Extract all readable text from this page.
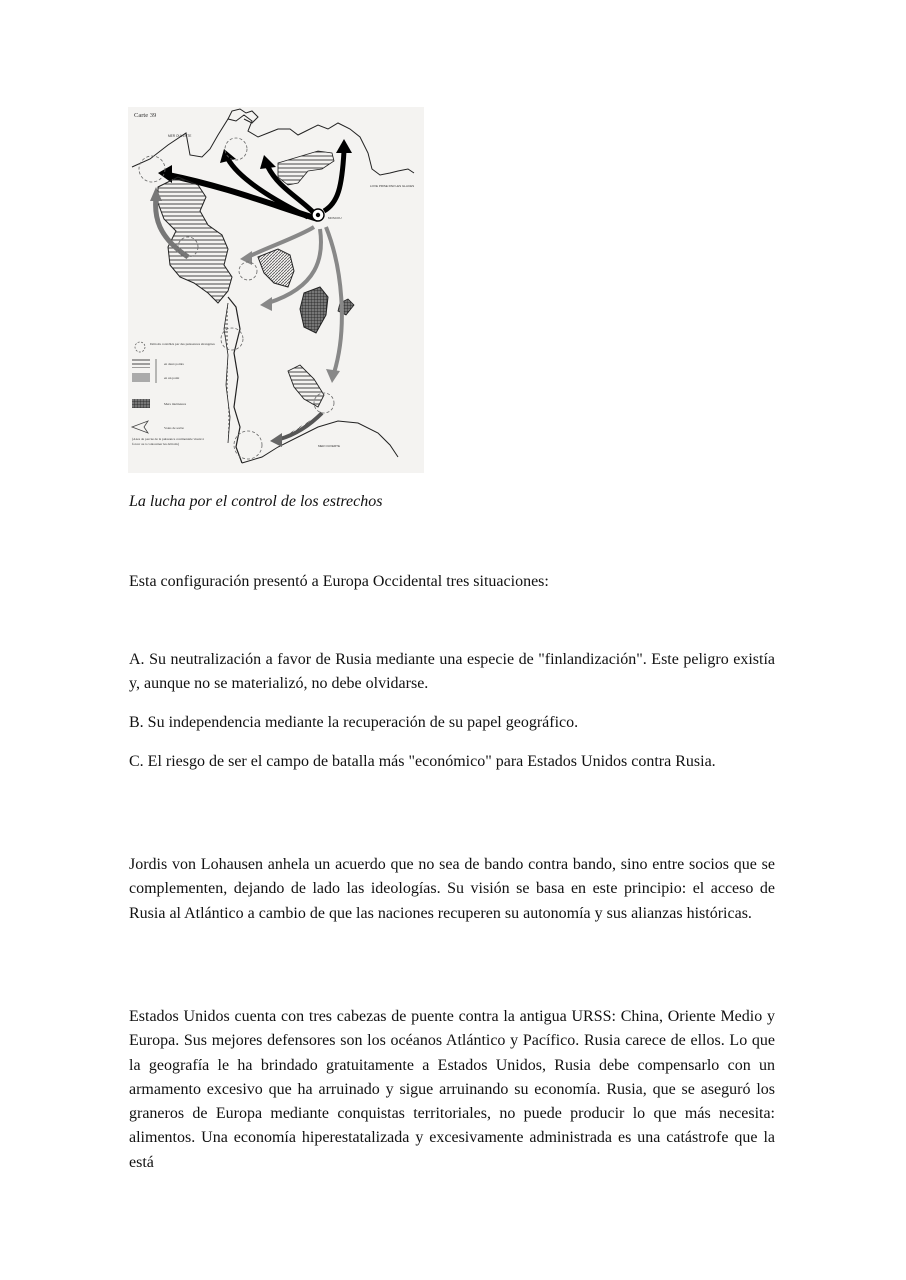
Carte 39
MER OUVERTE
LOVE PRISE PAR LES GLACES
MOSCOU
MER OUVERTE
Détroits contrôlés par des puissances étrangères
en deux points
en un point
Mers intérieures
Voies de sortie
(Axes de percée de la puissance continentale visant à forcer ou à contourner les détroits)
La lucha por el control de los estrechos

Esta configuración presentó a Europa Occidental tres situaciones:

A. Su neutralización a favor de Rusia mediante una especie de "finlandización". Este peligro existía y, aunque no se materializó, no debe olvidarse.

B. Su independencia mediante la recuperación de su papel geográfico.

C. El riesgo de ser el campo de batalla más "económico" para Estados Unidos contra Rusia.

Jordis von Lohausen anhela un acuerdo que no sea de bando contra bando, sino entre socios que se complementen, dejando de lado las ideologías. Su visión se basa en este principio: el acceso de Rusia al Atlántico a cambio de que las naciones recuperen su autonomía y sus alianzas históricas.

Estados Unidos cuenta con tres cabezas de puente contra la antigua URSS: China, Oriente Medio y Europa. Sus mejores defensores son los océanos Atlántico y Pacífico. Rusia carece de ellos. Lo que la geografía le ha brindado gratuitamente a Estados Unidos, Rusia debe compensarlo con un armamento excesivo que ha arruinado y sigue arruinando su economía. Rusia, que se aseguró los graneros de Europa mediante conquistas territoriales, no puede producir lo que más necesita: alimentos. Una economía hiperestatalizada y excesivamente administrada es una catástrofe que la está
